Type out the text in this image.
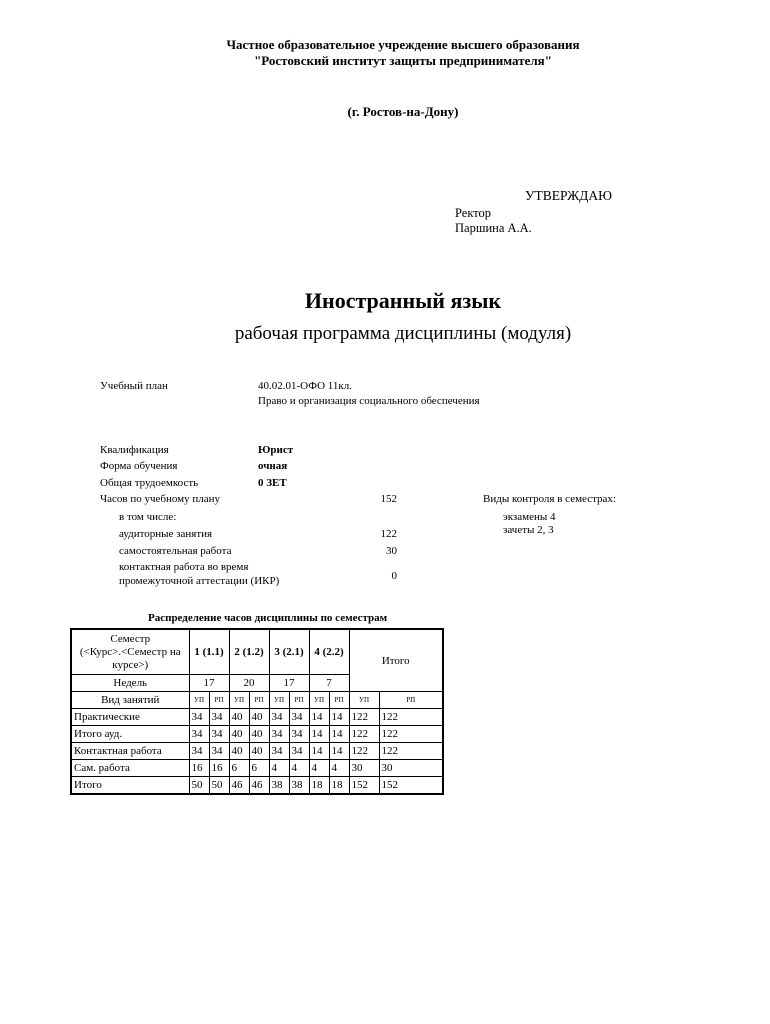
Частное образовательное учреждение высшего образования
"Ростовский институт защиты предпринимателя"
(г. Ростов-на-Дону)
УТВЕРЖДАЮ
Ректор
Паршина А.А.
Иностранный язык
рабочая программа дисциплины (модуля)
Учебный план	40.02.01-ОФО 11кл.
Право и организация социального обеспечения
Квалификация	Юрист
Форма обучения	очная
Общая трудоемкость	0 ЗЕТ
Часов по учебному плану	152
в том числе:
аудиторные занятия	122
самостоятельная работа	30
контактная работа во время
промежуточной аттестации (ИКР)	0
Виды контроля в семестрах:
экзамены 4
зачеты 2, 3
Распределение часов дисциплины по семестрам
Семестр
(<Курс>.<Семестр на
курсе>)	1 (1.1)		2 (1.2)		3 (2.1)		4 (2.2)		Итого	
Недель	17		20		17		7			
Вид занятий	УП	РП	УП	РП	УП	РП	УП	РП	УП	РП
Практические	34	34	40	40	34	34	14	14	122	122
Итого ауд.	34	34	40	40	34	34	14	14	122	122
Контактная работа	34	34	40	40	34	34	14	14	122	122
Сам. работа	16	16	6	6	4	4	4	4	30	30
Итого	50	50	46	46	38	38	18	18	152	152
